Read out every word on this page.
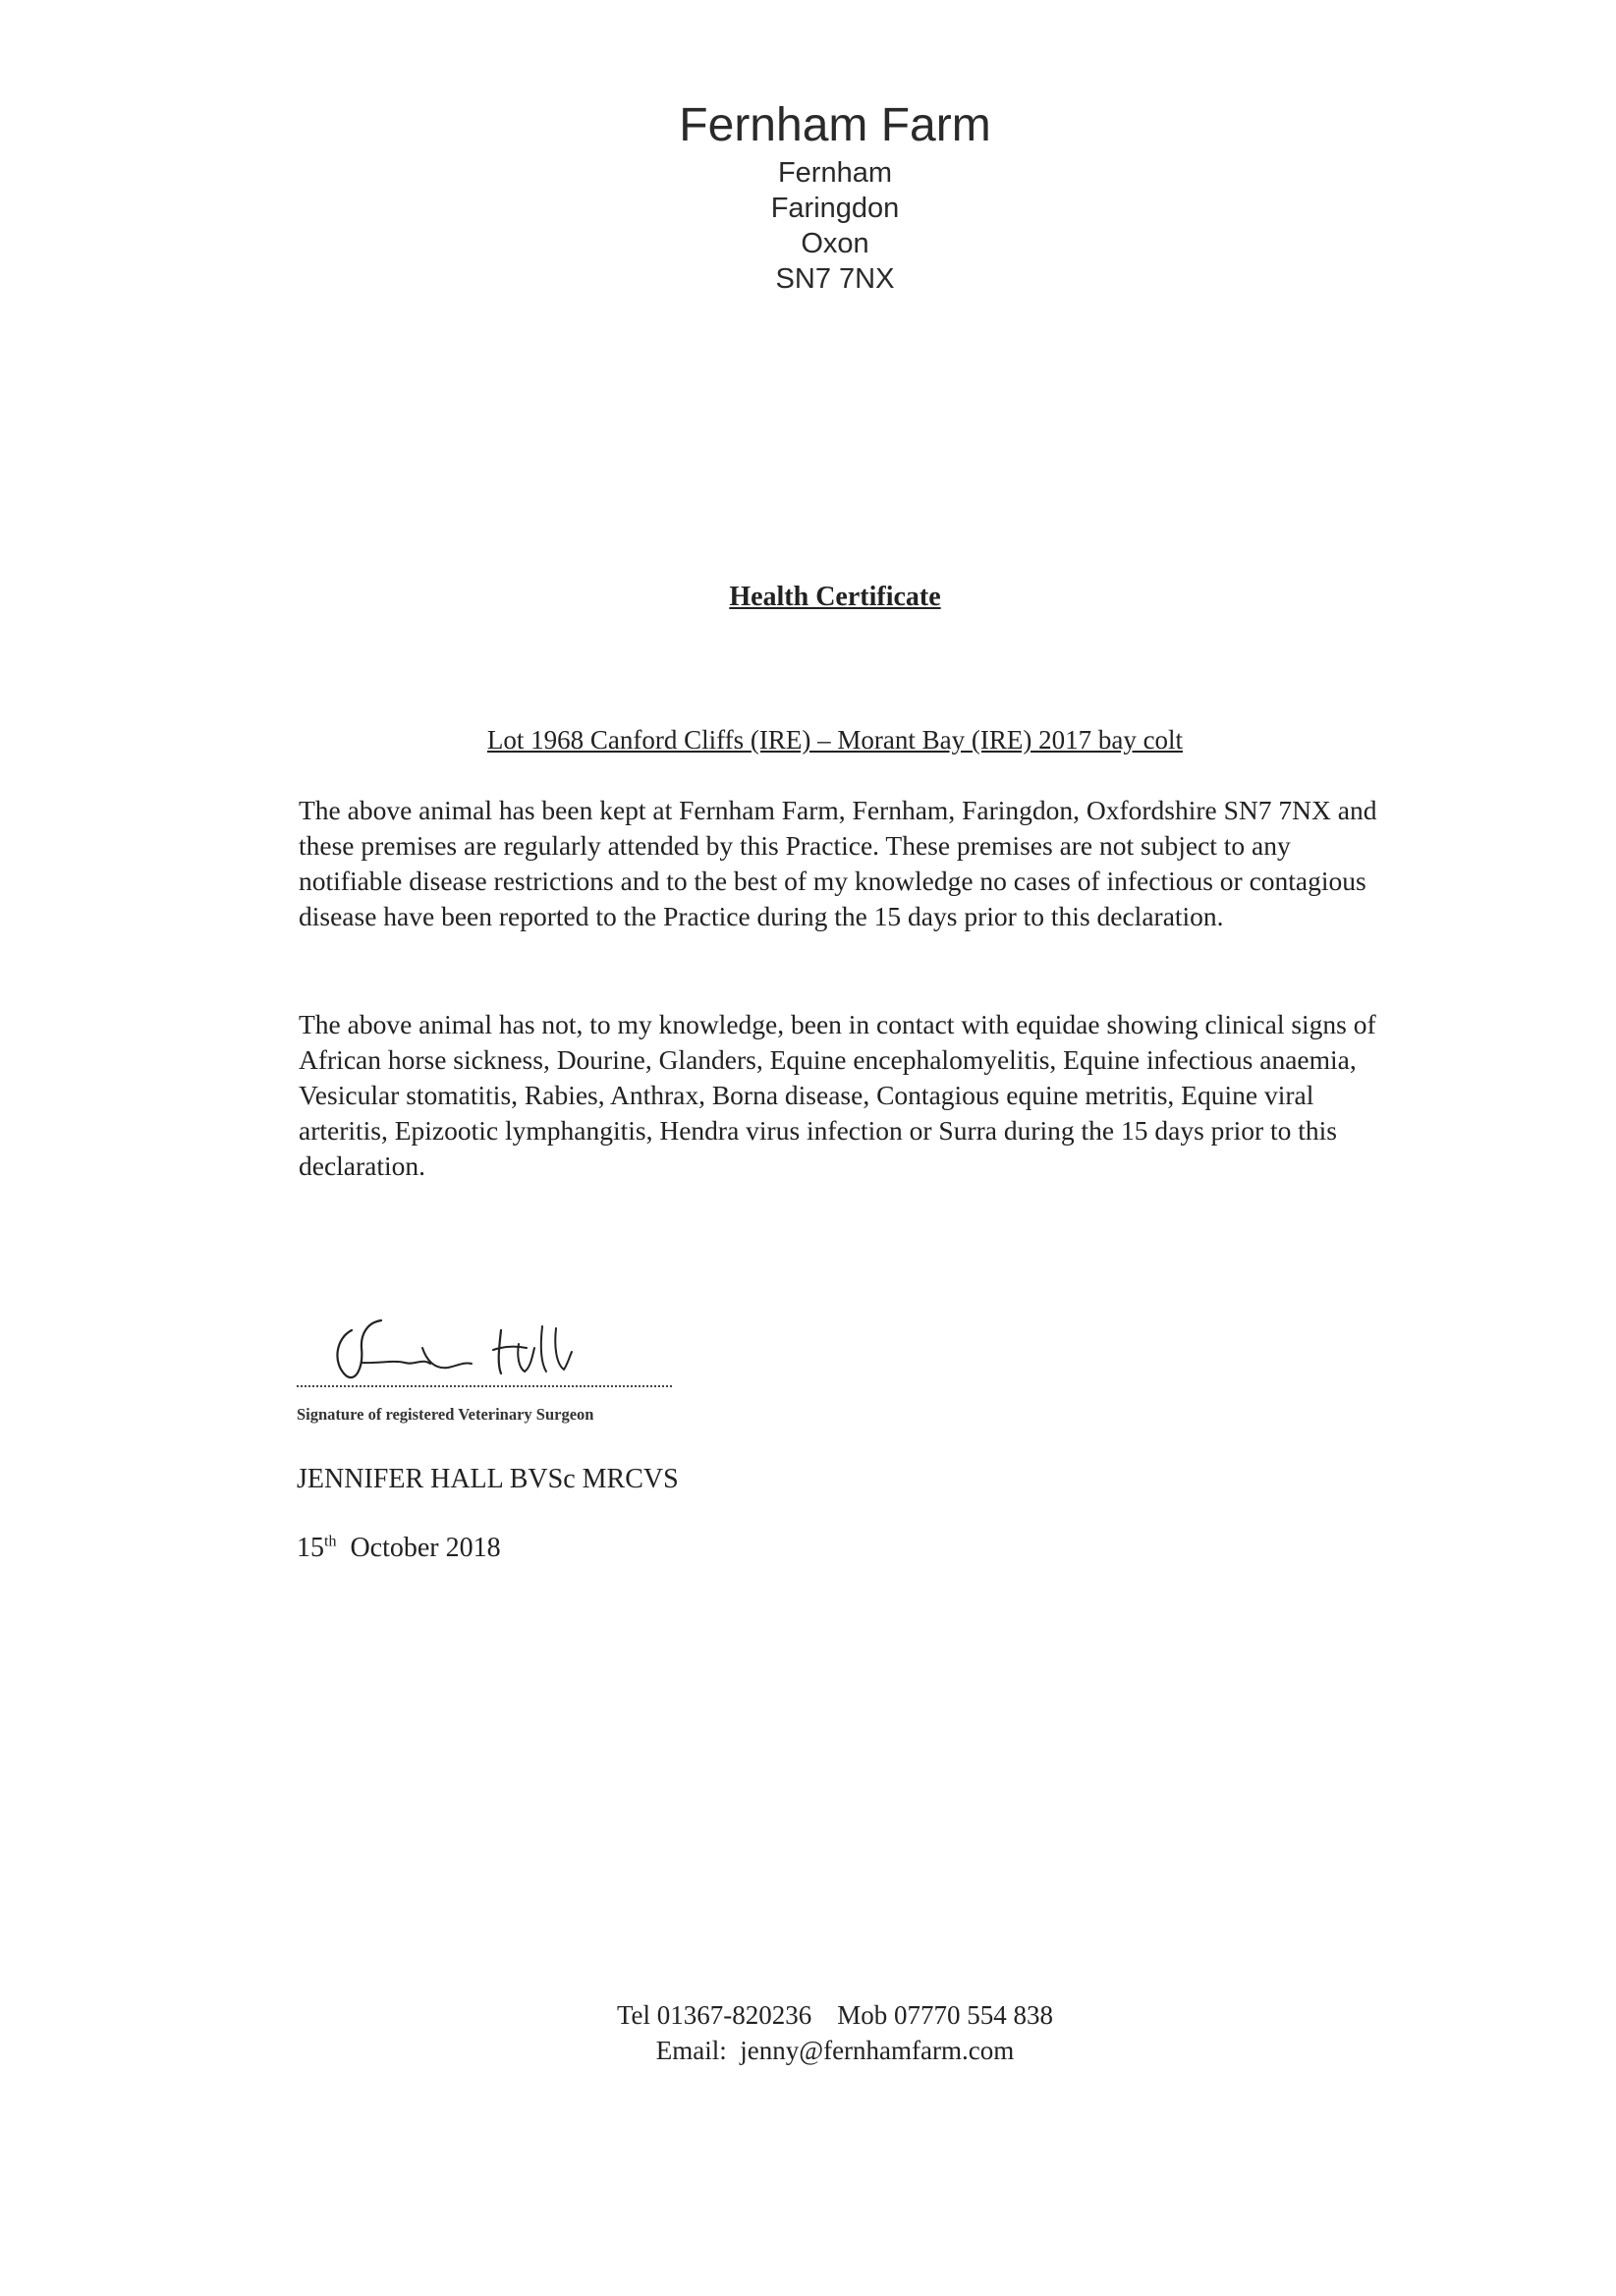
Fernham Farm
Fernham
Faringdon
Oxon
SN7 7NX
Health Certificate
Lot 1968 Canford Cliffs (IRE) – Morant Bay (IRE) 2017 bay colt

The above animal has been kept at Fernham Farm, Fernham, Faringdon, Oxfordshire SN7 7NX and these premises are regularly attended by this Practice. These premises are not subject to any notifiable disease restrictions and to the best of my knowledge no cases of infectious or contagious disease have been reported to the Practice during the 15 days prior to this declaration.

The above animal has not, to my knowledge, been in contact with equidae showing clinical signs of African horse sickness, Dourine, Glanders, Equine encephalomyelitis, Equine infectious anaemia, Vesicular stomatitis, Rabies, Anthrax, Borna disease, Contagious equine metritis, Equine viral arteritis, Epizootic lymphangitis, Hendra virus infection or Surra during the 15 days prior to this declaration.

Signature of registered Veterinary Surgeon
JENNIFER HALL BVSc MRCVS
15th October 2018
Tel 01367-820236 Mob 07770 554 838
Email: jenny@fernhamfarm.com
